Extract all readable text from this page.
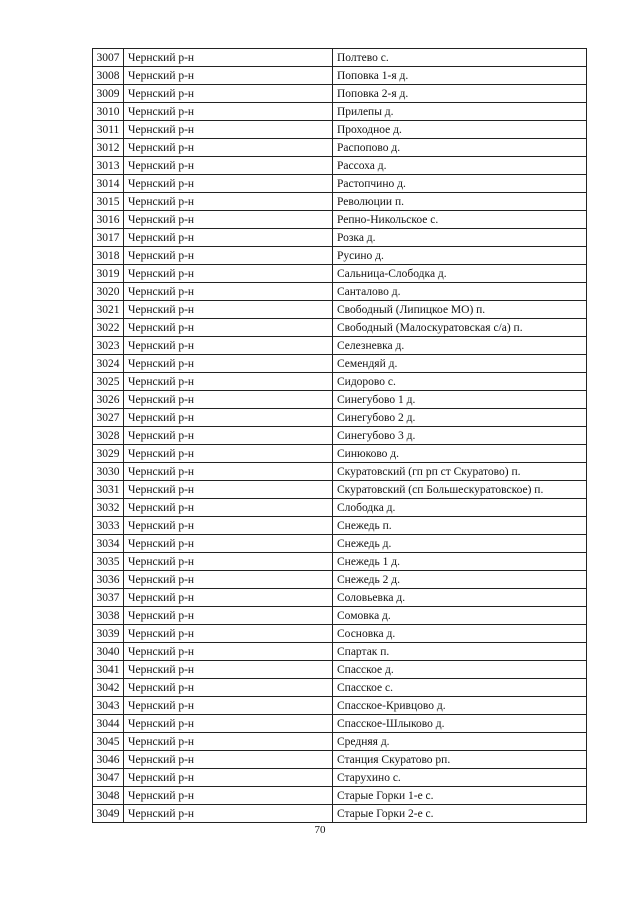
3007	Чернский р-н	Полтево с.
3008	Чернский р-н	Поповка 1-я д.
3009	Чернский р-н	Поповка 2-я д.
3010	Чернский р-н	Прилепы д.
3011	Чернский р-н	Проходное д.
3012	Чернский р-н	Распопово д.
3013	Чернский р-н	Рассоха д.
3014	Чернский р-н	Растопчино д.
3015	Чернский р-н	Революции п.
3016	Чернский р-н	Репно-Никольское с.
3017	Чернский р-н	Розка д.
3018	Чернский р-н	Русино д.
3019	Чернский р-н	Сальница-Слободка д.
3020	Чернский р-н	Санталово д.
3021	Чернский р-н	Свободный (Липицкое МО) п.
3022	Чернский р-н	Свободный (Малоскуратовская с/а) п.
3023	Чернский р-н	Селезневка д.
3024	Чернский р-н	Семендяй д.
3025	Чернский р-н	Сидорово с.
3026	Чернский р-н	Синегубово 1 д.
3027	Чернский р-н	Синегубово 2 д.
3028	Чернский р-н	Синегубово 3 д.
3029	Чернский р-н	Синюково д.
3030	Чернский р-н	Скуратовский (гп рп ст Скуратово) п.
3031	Чернский р-н	Скуратовский (сп Большескуратовское) п.
3032	Чернский р-н	Слободка д.
3033	Чернский р-н	Снежедь п.
3034	Чернский р-н	Снежедь д.
3035	Чернский р-н	Снежедь 1 д.
3036	Чернский р-н	Снежедь 2 д.
3037	Чернский р-н	Соловьевка д.
3038	Чернский р-н	Сомовка д.
3039	Чернский р-н	Сосновка д.
3040	Чернский р-н	Спартак п.
3041	Чернский р-н	Спасское д.
3042	Чернский р-н	Спасское с.
3043	Чернский р-н	Спасское-Кривцово д.
3044	Чернский р-н	Спасское-Шлыково д.
3045	Чернский р-н	Средняя д.
3046	Чернский р-н	Станция Скуратово рп.
3047	Чернский р-н	Старухино с.
3048	Чернский р-н	Старые Горки 1-е с.
3049	Чернский р-н	Старые Горки 2-е с.
70
